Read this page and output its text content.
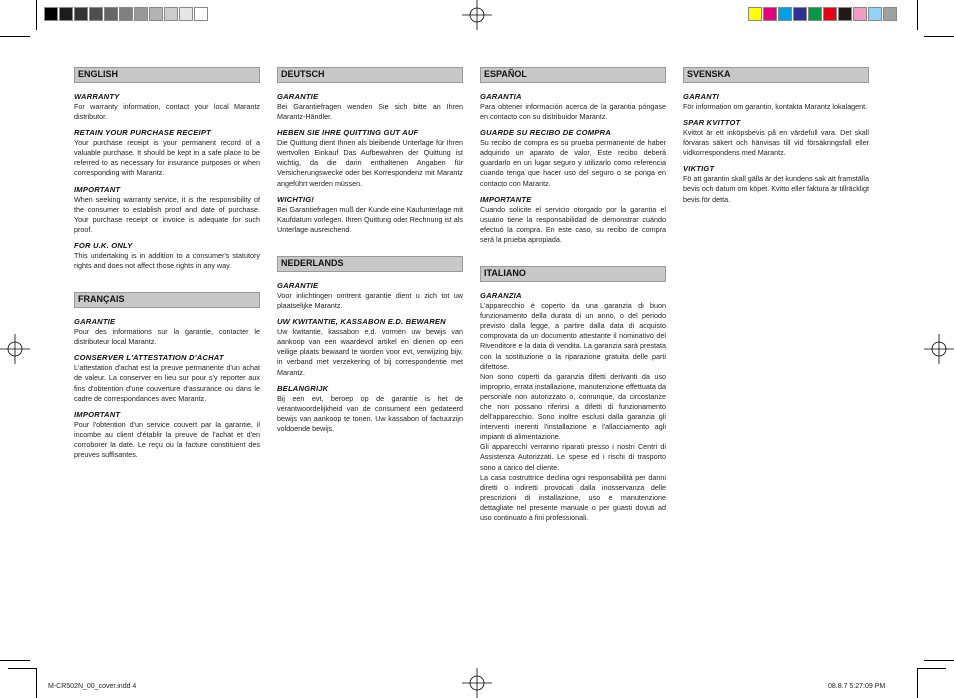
ENGLISH
WARRANTY

For warranty information, contact your local Marantz distributor.

RETAIN YOUR PURCHASE RECEIPT

Your purchase receipt is your permanent record of a valuable purchase. It should be kept in a safe place to be referred to as necessary for insurance purposes or when corresponding with Marantz.

IMPORTANT

When seeking warranty service, it is the responsibility of the consumer to establish proof and date of purchase. Your purchase receipt or invoice is adequate for such proof.

FOR U.K. ONLY

This undertaking is in addition to a consumer's statutory rights and does not affect those rights in any way.

FRANÇAIS
GARANTIE

Pour des informations sur la garantie, contacter le distributeur local Marantz.

CONSERVER L'ATTESTATION D'ACHAT

L'attestation d'achat est la preuve permanente d'un achat de valeur. La conserver en lieu sur pour s'y reporter aux fins d'obtention d'une couverture d'assurance ou dans le cadre de correspondances avec Marantz.

IMPORTANT

Pour l'obtention d'un service couvert par la garantie, il incombe au client d'établir la preuve de l'achat et d'en corroborer la date. Le reçu ou la facture constituent des preuves suffisantes.

DEUTSCH
GARANTIE

Bei Garantiefragen wenden Sie sich bitte an Ihren Marantz-Händler.

HEBEN SIE IHRE QUITTING GUT AUF

Die Quittung dient Ihnen als bleibende Unterlage für Ihren wertvollen Einkauf Das Aufbewahren der Quittung ist wichtig, da die darin enthaltenen Angaben für Versicherungswecke oder bei Korrespondenz mit Marantz angeführt werden müssen.

WICHTIG!

Bei Garantiefragen muß der Kunde eine Kaufunterlage mit Kaufdatum vorlegen. Ihren Quittung oder Rechnung ist als Unterlage ausreichend.

NEDERLANDS
GARANTIE

Voor inlichtingen omtrent garantie dient u zich tot uw plaatselijke Marantz.

UW KWITANTIE, KASSABON E.D. BEWAREN

Uw kwitantie, kassabon e.d. vormen uw bewijs van aankoop van een waardevol artikel en dienen op een veilige plaats bewaard te worden voor evt, verwijzing bijv, in verband met verzekering of bij correspondentie met Marantz.

BELANGRIJK

Bij een evt, beroep op de garantie is het de verantwoordelijkheid van de consument een gedateerd bewijs van aankoop te tonen. Uw kassabon of factuurzijn voldoende bewijs.

ESPAÑOL
GARANTIA

Para obtener información acerca de la garantia póngase en contacto con su distribuidor Marantz.

GUARDE SU RECIBO DE COMPRA

Su recibo de compra es su prueba permanente de haber adquirido un aparato de valor, Este recibo deberá guardarlo en un lugar seguro y utilizarlo como referencia cuando tenga que hacer uso del seguro o se ponga en contacto con Marantz.

IMPORTANTE

Cuando solicite el servicio otorgado por la garantia el usuario tiene la responsabilidad de demonstrar cuándo efectuó la compra. En este caso, su recibo de compra será la prueba apropiada.

ITALIANO
GARANZIA

L'apparecchio è coperto da una garanzia di buon funzionamento della durata di un anno, o del periodo previsto dalla legge, a partire dalla data di acquisto comprovata da un documento attestante il nominativo del Rivenditore e la data di vendita. La garanzia sarà prestata con la sostituzione o la riparazione gratuita delle parti difettose.

Non sono coperti da garanzia difetti derivanti da uso improprio, errata installazione, manutenzione effettuata da personale non autorizzato o, comunque, da circostanze che non possano riferirsi a difetti di funzionamento dell'apparecchio. Sono inoltre esclusi dalla garanzia gli interventi inerenti l'installazione e l'allacciamento agli impianti di alimentazione.

Gli apparecchi verranno riparati presso i nostri Centri di Assistenza Autorizzati. Le spese ed i rischi di trasporto sono a carico del cliente.

La casa costruttrice declina ogni responsabilità per danni diretti o indiretti provocati dalla inosservanza delle prescrizioni di installazione, uso e manutenzione dettagliate nel presente manuale o per guasti dovuti ad uso continuato a fini professionali.

SVENSKA
GARANTI

För information om garantin, kontakta Marantz lokalagent.

SPAR KVITTOT

Kvittot är ett inköpsbevis på en värdefull vara. Det skall förvaras säkert och hänvisas till vid försäkringsfall eller vidkorrespondens med Marantz.

VIKTIGT

Fö att garantin skall gälla är det kundens sak att framställa bevis och datum om köpet. Kvitto eller faktura är tillräckligt bevis för detta.

M-CR502N_00_cover.indd 4	08.8.7 5:27:09 PM
